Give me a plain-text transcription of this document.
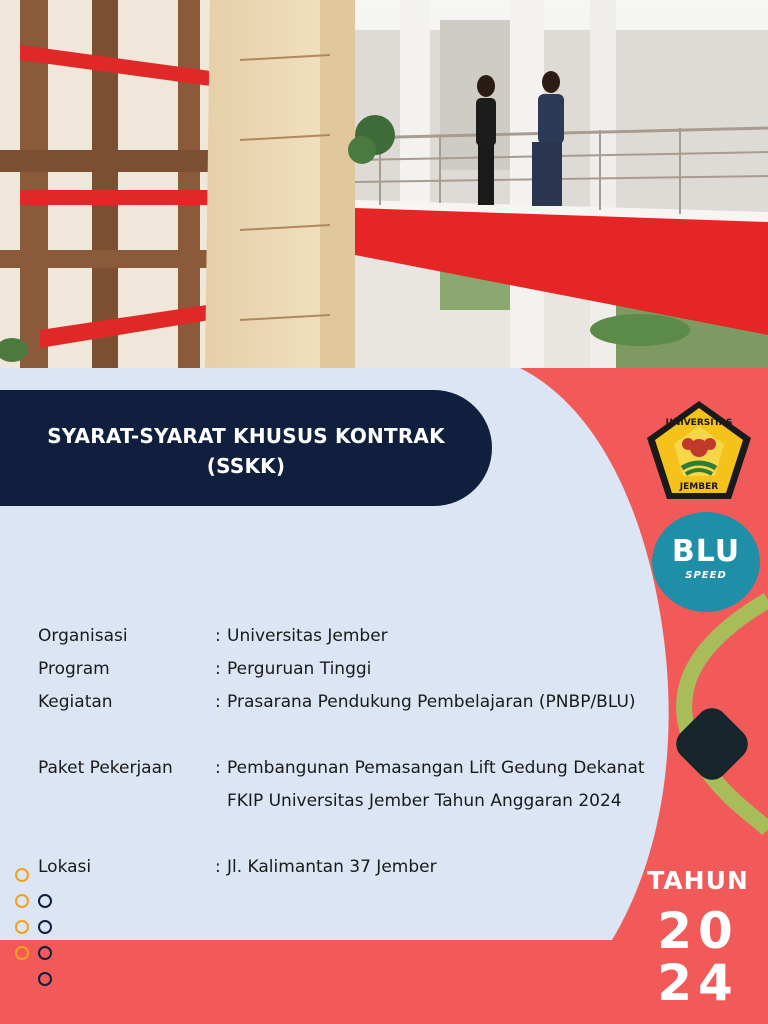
SYARAT-SYARAT KHUSUS KONTRAK
(SSKK)
UNIVERSITAS
JEMBER
BLU
SPEED
Organisasi	: Universitas Jember
Program	: Perguruan Tinggi
Kegiatan	: Prasarana Pendukung Pembelajaran (PNBP/BLU)
Paket Pekerjaan : Pembangunan Pemasangan Lift Gedung Dekanat FKIP Universitas Jember Tahun Anggaran 2024
Lokasi	: Jl. Kalimantan 37 Jember	TAHUN
20
24
